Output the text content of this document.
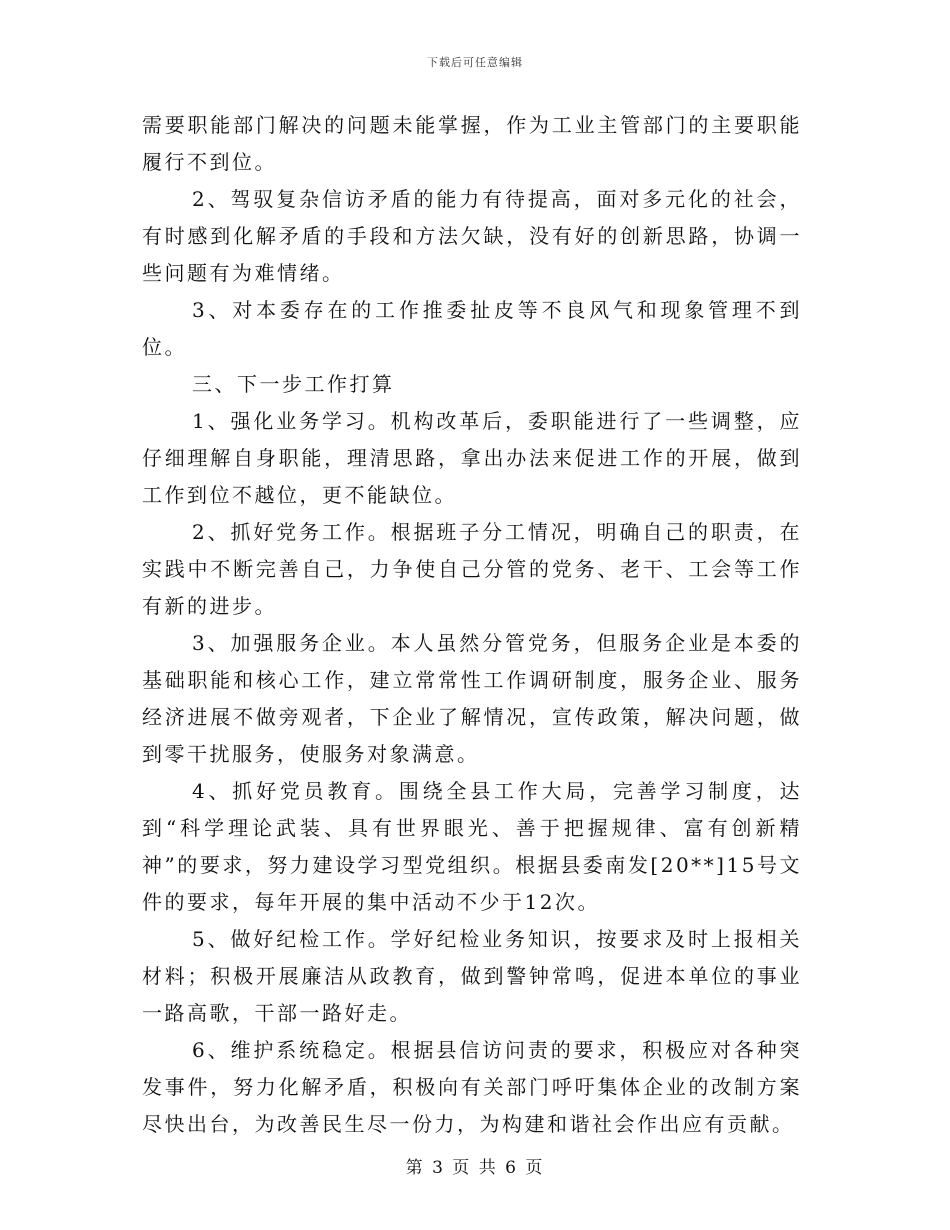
下载后可任意编辑

需要职能部门解决的问题未能掌握，作为工业主管部门的主要职能履行不到位。

2、驾驭复杂信访矛盾的能力有待提高，面对多元化的社会，有时感到化解矛盾的手段和方法欠缺，没有好的创新思路，协调一些问题有为难情绪。

3、对本委存在的工作推委扯皮等不良风气和现象管理不到位。

三、下一步工作打算

1、强化业务学习。机构改革后，委职能进行了一些调整，应仔细理解自身职能，理清思路，拿出办法来促进工作的开展，做到工作到位不越位，更不能缺位。

2、抓好党务工作。根据班子分工情况，明确自己的职责，在实践中不断完善自己，力争使自己分管的党务、老干、工会等工作有新的进步。

3、加强服务企业。本人虽然分管党务，但服务企业是本委的基础职能和核心工作，建立常常性工作调研制度，服务企业、服务经济进展不做旁观者，下企业了解情况，宣传政策，解决问题，做到零干扰服务，使服务对象满意。

4、抓好党员教育。围绕全县工作大局，完善学习制度，达到“科学理论武装、具有世界眼光、善于把握规律、富有创新精神”的要求，努力建设学习型党组织。根据县委南发[20**]15号文件的要求，每年开展的集中活动不少于12次。

5、做好纪检工作。学好纪检业务知识，按要求及时上报相关材料；积极开展廉洁从政教育，做到警钟常鸣，促进本单位的事业一路高歌，干部一路好走。

6、维护系统稳定。根据县信访问责的要求，积极应对各种突发事件，努力化解矛盾，积极向有关部门呼吁集体企业的改制方案尽快出台，为改善民生尽一份力，为构建和谐社会作出应有贡献。

第 3 页 共 6 页
